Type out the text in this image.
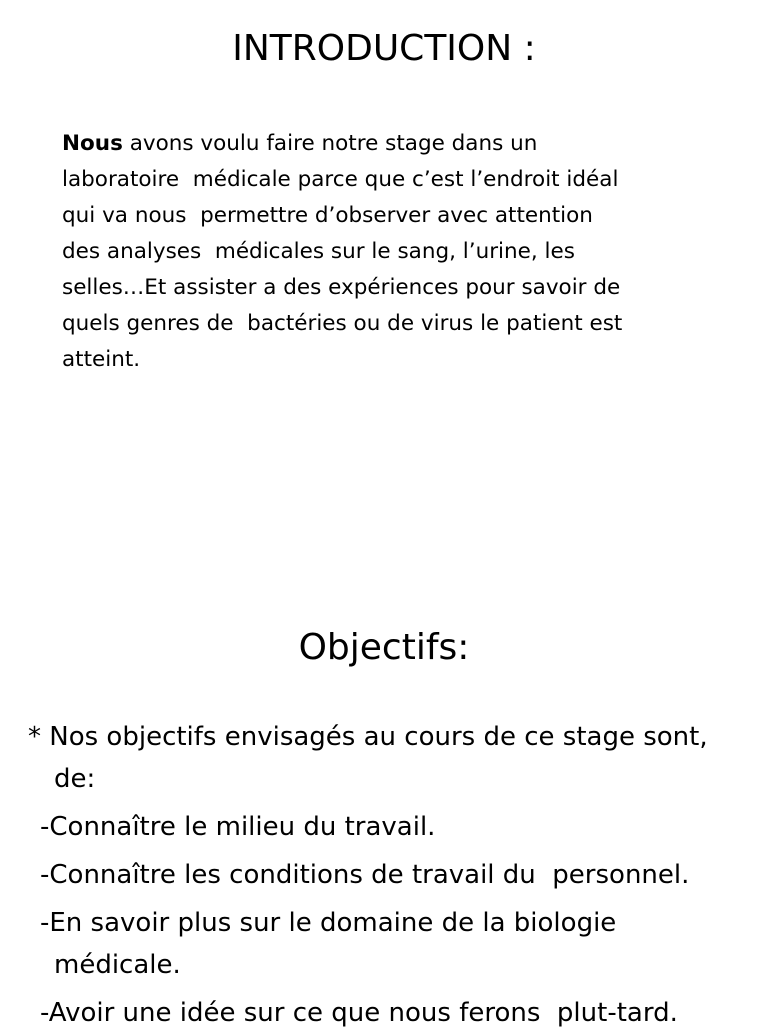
INTRODUCTION :

Nous avons voulu faire notre stage dans un
laboratoire  médicale parce que c’est l’endroit idéal
qui va nous  permettre d’observer avec attention
des analyses  médicales sur le sang, l’urine, les
selles…Et assister a des expériences pour savoir de
quels genres de  bactéries ou de virus le patient est
atteint.

Objectifs:
* Nos objectifs envisagés au cours de ce stage sont,
de:
-Connaître le milieu du travail.
-Connaître les conditions de travail du  personnel.
-En savoir plus sur le domaine de la biologie
médicale.
-Avoir une idée sur ce que nous ferons  plut-tard.
